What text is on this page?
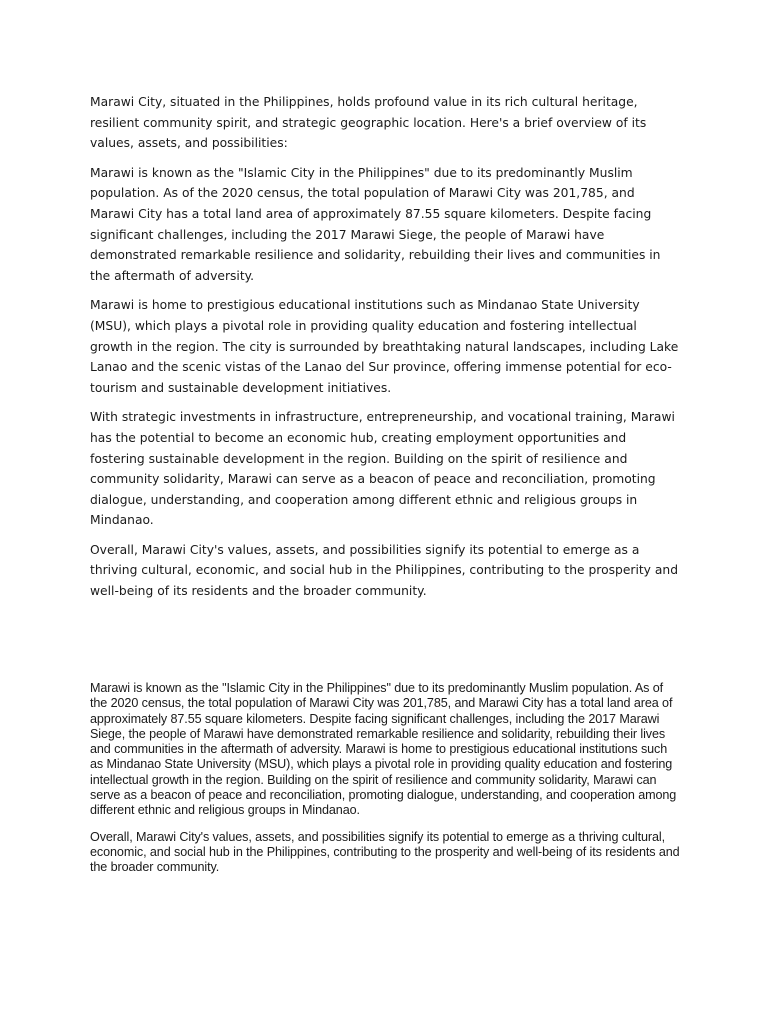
Marawi City, situated in the Philippines, holds profound value in its rich cultural heritage, resilient community spirit, and strategic geographic location. Here's a brief overview of its values, assets, and possibilities:

Marawi is known as the "Islamic City in the Philippines" due to its predominantly Muslim population. As of the 2020 census, the total population of Marawi City was 201,785, and Marawi City has a total land area of approximately 87.55 square kilometers. Despite facing significant challenges, including the 2017 Marawi Siege, the people of Marawi have demonstrated remarkable resilience and solidarity, rebuilding their lives and communities in the aftermath of adversity.

Marawi is home to prestigious educational institutions such as Mindanao State University (MSU), which plays a pivotal role in providing quality education and fostering intellectual growth in the region. The city is surrounded by breathtaking natural landscapes, including Lake Lanao and the scenic vistas of the Lanao del Sur province, offering immense potential for eco-tourism and sustainable development initiatives.

With strategic investments in infrastructure, entrepreneurship, and vocational training, Marawi has the potential to become an economic hub, creating employment opportunities and fostering sustainable development in the region. Building on the spirit of resilience and community solidarity, Marawi can serve as a beacon of peace and reconciliation, promoting dialogue, understanding, and cooperation among different ethnic and religious groups in Mindanao.

Overall, Marawi City's values, assets, and possibilities signify its potential to emerge as a thriving cultural, economic, and social hub in the Philippines, contributing to the prosperity and well-being of its residents and the broader community.

Marawi is known as the "Islamic City in the Philippines" due to its predominantly Muslim population. As of the 2020 census, the total population of Marawi City was 201,785, and Marawi City has a total land area of approximately 87.55 square kilometers. Despite facing significant challenges, including the 2017 Marawi Siege, the people of Marawi have demonstrated remarkable resilience and solidarity, rebuilding their lives and communities in the aftermath of adversity. Marawi is home to prestigious educational institutions such as Mindanao State University (MSU), which plays a pivotal role in providing quality education and fostering intellectual growth in the region. Building on the spirit of resilience and community solidarity, Marawi can serve as a beacon of peace and reconciliation, promoting dialogue, understanding, and cooperation among different ethnic and religious groups in Mindanao.

Overall, Marawi City's values, assets, and possibilities signify its potential to emerge as a thriving cultural, economic, and social hub in the Philippines, contributing to the prosperity and well-being of its residents and the broader community.
